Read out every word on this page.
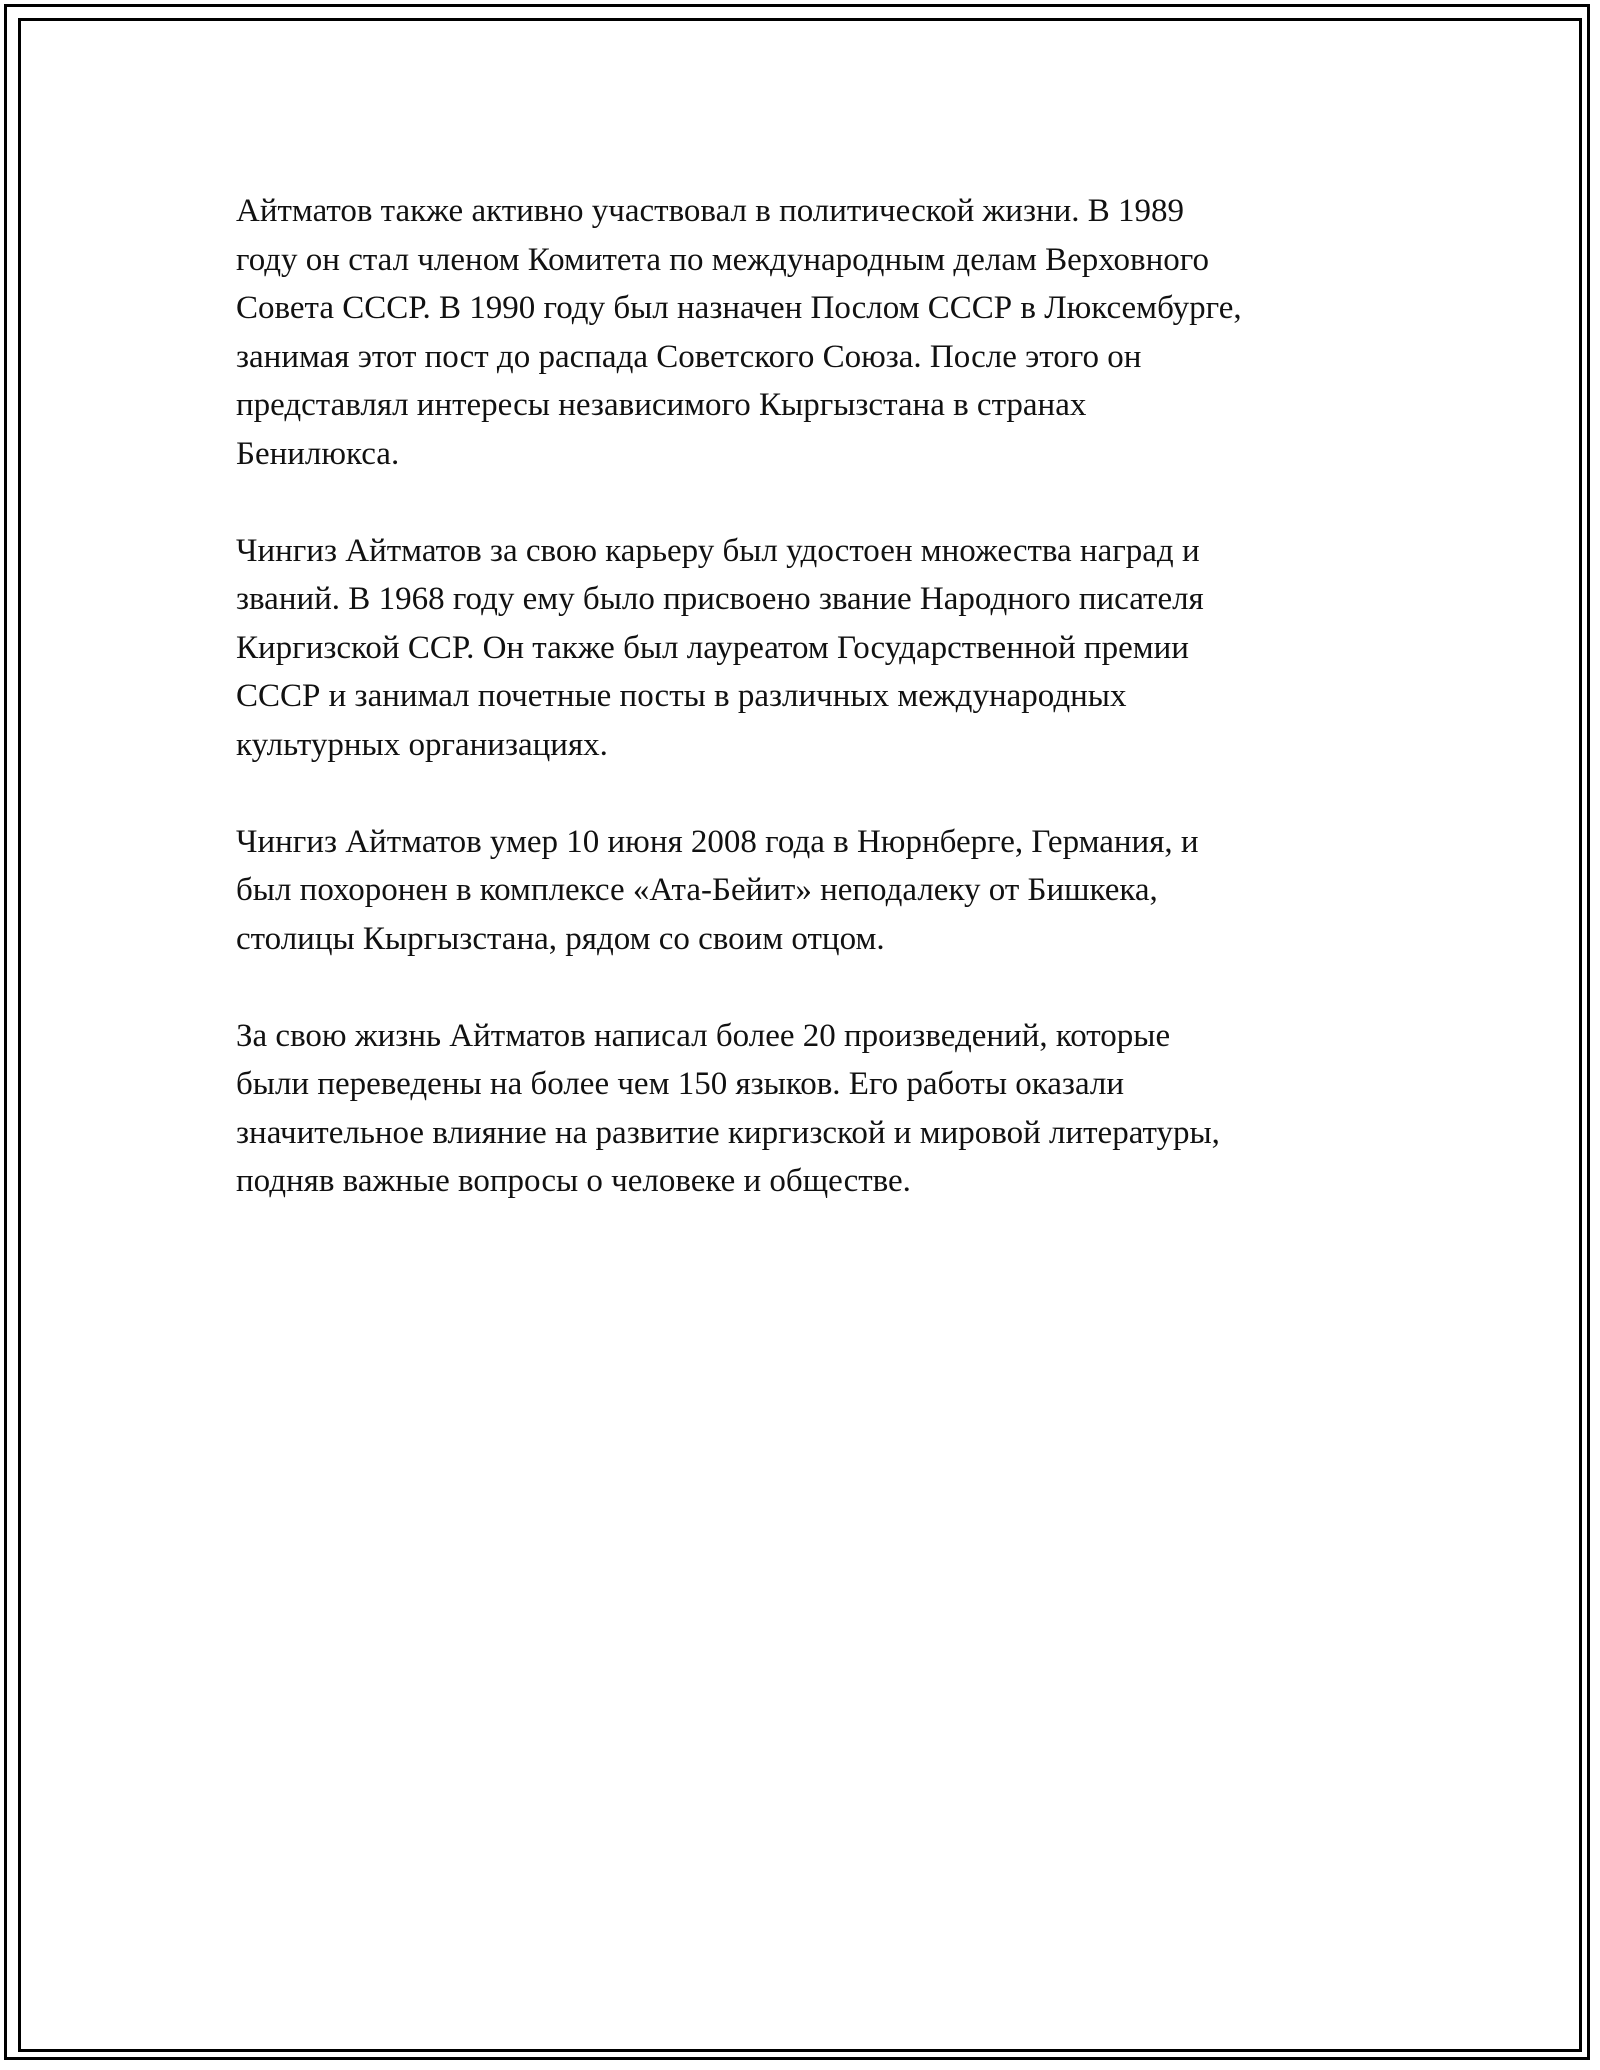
Айтматов также активно участвовал в политической жизни. В 1989
году он стал членом Комитета по международным делам Верховного
Совета СССР. В 1990 году был назначен Послом СССР в Люксембурге,
занимая этот пост до распада Советского Союза. После этого он
представлял интересы независимого Кыргызстана в странах
Бенилюкса.

Чингиз Айтматов за свою карьеру был удостоен множества наград и
званий. В 1968 году ему было присвоено звание Народного писателя
Киргизской ССР. Он также был лауреатом Государственной премии
СССР и занимал почетные посты в различных международных
культурных организациях.

Чингиз Айтматов умер 10 июня 2008 года в Нюрнберге, Германия, и
был похоронен в комплексе «Ата-Бейит» неподалеку от Бишкека,
столицы Кыргызстана, рядом со своим отцом.

За свою жизнь Айтматов написал более 20 произведений, которые
были переведены на более чем 150 языков. Его работы оказали
значительное влияние на развитие киргизской и мировой литературы,
подняв важные вопросы о человеке и обществе.
